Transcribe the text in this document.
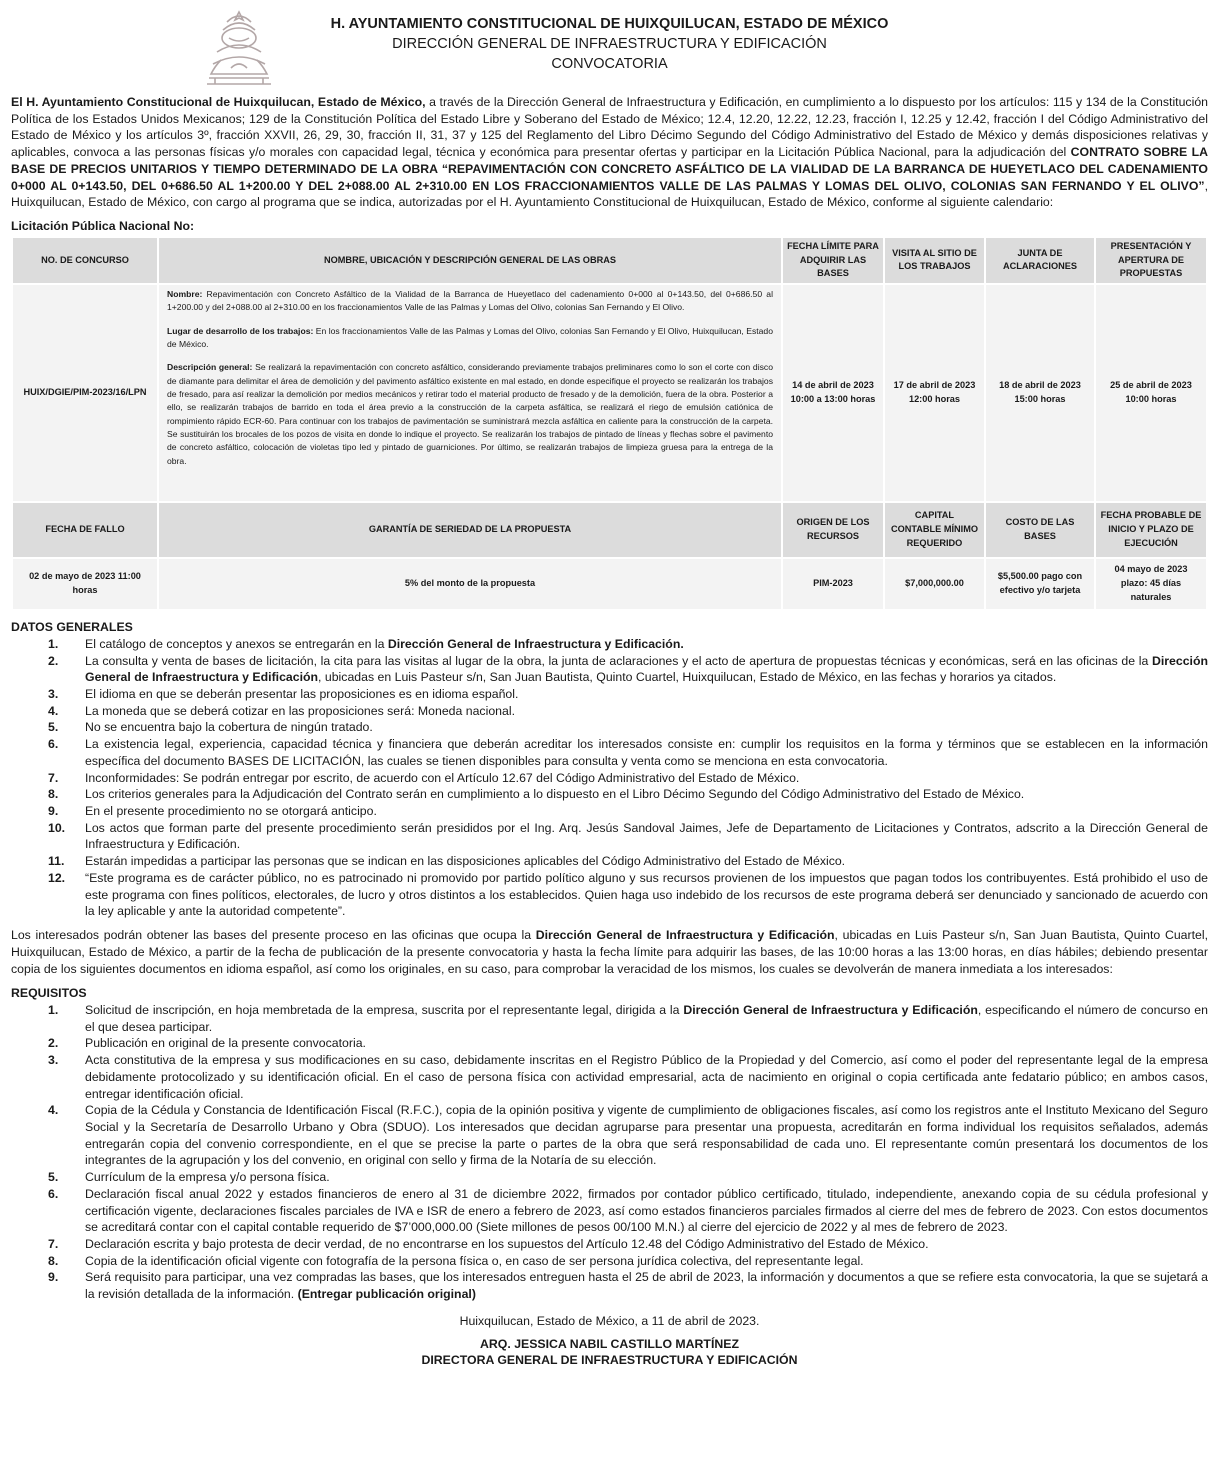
H. AYUNTAMIENTO CONSTITUCIONAL DE HUIXQUILUCAN, ESTADO DE MÉXICO
DIRECCIÓN GENERAL DE INFRAESTRUCTURA Y EDIFICACIÓN
CONVOCATORIA

El H. Ayuntamiento Constitucional de Huixquilucan, Estado de México, a través de la Dirección General de Infraestructura y Edificación, en cumplimiento a lo dispuesto por los artículos: 115 y 134 de la Constitución Política de los Estados Unidos Mexicanos; 129 de la Constitución Política del Estado Libre y Soberano del Estado de México; 12.4, 12.20, 12.22, 12.23, fracción I, 12.25 y 12.42, fracción I del Código Administrativo del Estado de México y los artículos 3º, fracción XXVII, 26, 29, 30, fracción II, 31, 37 y 125 del Reglamento del Libro Décimo Segundo del Código Administrativo del Estado de México y demás disposiciones relativas y aplicables, convoca a las personas físicas y/o morales con capacidad legal, técnica y económica para presentar ofertas y participar en la Licitación Pública Nacional, para la adjudicación del CONTRATO SOBRE LA BASE DE PRECIOS UNITARIOS Y TIEMPO DETERMINADO DE LA OBRA “REPAVIMENTACIÓN CON CONCRETO ASFÁLTICO DE LA VIALIDAD DE LA BARRANCA DE HUEYETLACO DEL CADENAMIENTO 0+000 AL 0+143.50, DEL 0+686.50 AL 1+200.00 Y DEL 2+088.00 AL 2+310.00 EN LOS FRACCIONAMIENTOS VALLE DE LAS PALMAS Y LOMAS DEL OLIVO, COLONIAS SAN FERNANDO Y EL OLIVO”, Huixquilucan, Estado de México, con cargo al programa que se indica, autorizadas por el H. Ayuntamiento Constitucional de Huixquilucan, Estado de México, conforme al siguiente calendario:

Licitación Pública Nacional No:
NO. DE CONCURSO	NOMBRE, UBICACIÓN Y DESCRIPCIÓN GENERAL DE LAS OBRAS	FECHA LÍMITE PARA ADQUIRIR LAS BASES	VISITA AL SITIO DE LOS TRABAJOS	JUNTA DE ACLARACIONES	PRESENTACIÓN Y APERTURA DE PROPUESTAS
HUIX/DGIE/PIM-2023/16/LPN	Nombre: Repavimentación con Concreto Asfáltico de la Vialidad de la Barranca de Hueyetlaco del cadenamiento 0+000 al 0+143.50, del 0+686.50 al 1+200.00 y del 2+088.00 al 2+310.00 en los fraccionamientos Valle de las Palmas y Lomas del Olivo, colonias San Fernando y El Olivo.

Lugar de desarrollo de los trabajos: En los fraccionamientos Valle de las Palmas y Lomas del Olivo, colonias San Fernando y El Olivo, Huixquilucan, Estado de México.

Descripción general: Se realizará la repavimentación con concreto asfáltico, considerando previamente trabajos preliminares como lo son el corte con disco de diamante para delimitar el área de demolición y del pavimento asfáltico existente en mal estado, en donde especifique el proyecto se realizarán los trabajos de fresado, para así realizar la demolición por medios mecánicos y retirar todo el material producto de fresado y de la demolición, fuera de la obra. Posterior a ello, se realizarán trabajos de barrido en toda el área previo a la construcción de la carpeta asfáltica, se realizará el riego de emulsión catiónica de rompimiento rápido ECR-60. Para continuar con los trabajos de pavimentación se suministrará mezcla asfáltica en caliente para la construcción de la carpeta. Se sustituirán los brocales de los pozos de visita en donde lo indique el proyecto. Se realizarán los trabajos de pintado de líneas y flechas sobre el pavimento de concreto asfáltico, colocación de violetas tipo led y pintado de guarniciones. Por último, se realizarán trabajos de limpieza gruesa para la entrega de la obra.	14 de abril de 2023 10:00 a 13:00 horas	17 de abril de 2023 12:00 horas	18 de abril de 2023 15:00 horas	25 de abril de 2023 10:00 horas
FECHA DE FALLO	GARANTÍA DE SERIEDAD DE LA PROPUESTA	ORIGEN DE LOS RECURSOS	CAPITAL CONTABLE MÍNIMO REQUERIDO	COSTO DE LAS BASES	FECHA PROBABLE DE INICIO Y PLAZO DE EJECUCIÓN
02 de mayo de 2023 11:00 horas	5% del monto de la propuesta	PIM-2023	$7,000,000.00	$5,500.00 pago con efectivo y/o tarjeta	04 mayo de 2023 plazo: 45 días naturales
DATOS GENERALES
1.	El catálogo de conceptos y anexos se entregarán en la Dirección General de Infraestructura y Edificación.
2.	La consulta y venta de bases de licitación, la cita para las visitas al lugar de la obra, la junta de aclaraciones y el acto de apertura de propuestas técnicas y económicas, será en las oficinas de la Dirección General de Infraestructura y Edificación, ubicadas en Luis Pasteur s/n, San Juan Bautista, Quinto Cuartel, Huixquilucan, Estado de México, en las fechas y horarios ya citados.
3.	El idioma en que se deberán presentar las proposiciones es en idioma español.
4.	La moneda que se deberá cotizar en las proposiciones será: Moneda nacional.
5.	No se encuentra bajo la cobertura de ningún tratado.
6.	La existencia legal, experiencia, capacidad técnica y financiera que deberán acreditar los interesados consiste en: cumplir los requisitos en la forma y términos que se establecen en la información específica del documento BASES DE LICITACIÓN, las cuales se tienen disponibles para consulta y venta como se menciona en esta convocatoria.
7.	Inconformidades: Se podrán entregar por escrito, de acuerdo con el Artículo 12.67 del Código Administrativo del Estado de México.
8.	Los criterios generales para la Adjudicación del Contrato serán en cumplimiento a lo dispuesto en el Libro Décimo Segundo del Código Administrativo del Estado de México.
9.	En el presente procedimiento no se otorgará anticipo.
10.	Los actos que forman parte del presente procedimiento serán presididos por el Ing. Arq. Jesús Sandoval Jaimes, Jefe de Departamento de Licitaciones y Contratos, adscrito a la Dirección General de Infraestructura y Edificación.
11.	Estarán impedidas a participar las personas que se indican en las disposiciones aplicables del Código Administrativo del Estado de México.
12.	“Este programa es de carácter público, no es patrocinado ni promovido por partido político alguno y sus recursos provienen de los impuestos que pagan todos los contribuyentes. Está prohibido el uso de este programa con fines políticos, electorales, de lucro y otros distintos a los establecidos. Quien haga uso indebido de los recursos de este programa deberá ser denunciado y sancionado de acuerdo con la ley aplicable y ante la autoridad competente”.

Los interesados podrán obtener las bases del presente proceso en las oficinas que ocupa la Dirección General de Infraestructura y Edificación, ubicadas en Luis Pasteur s/n, San Juan Bautista, Quinto Cuartel, Huixquilucan, Estado de México, a partir de la fecha de publicación de la presente convocatoria y hasta la fecha límite para adquirir las bases, de las 10:00 horas a las 13:00 horas, en días hábiles; debiendo presentar copia de los siguientes documentos en idioma español, así como los originales, en su caso, para comprobar la veracidad de los mismos, los cuales se devolverán de manera inmediata a los interesados:

REQUISITOS
1.	Solicitud de inscripción, en hoja membretada de la empresa, suscrita por el representante legal, dirigida a la Dirección General de Infraestructura y Edificación, especificando el número de concurso en el que desea participar.
2.	Publicación en original de la presente convocatoria.
3.	Acta constitutiva de la empresa y sus modificaciones en su caso, debidamente inscritas en el Registro Público de la Propiedad y del Comercio, así como el poder del representante legal de la empresa debidamente protocolizado y su identificación oficial. En el caso de persona física con actividad empresarial, acta de nacimiento en original o copia certificada ante fedatario público; en ambos casos, entregar identificación oficial.
4.	Copia de la Cédula y Constancia de Identificación Fiscal (R.F.C.), copia de la opinión positiva y vigente de cumplimiento de obligaciones fiscales, así como los registros ante el Instituto Mexicano del Seguro Social y la Secretaría de Desarrollo Urbano y Obra (SDUO). Los interesados que decidan agruparse para presentar una propuesta, acreditarán en forma individual los requisitos señalados, además entregarán copia del convenio correspondiente, en el que se precise la parte o partes de la obra que será responsabilidad de cada uno. El representante común presentará los documentos de los integrantes de la agrupación y los del convenio, en original con sello y firma de la Notaría de su elección.
5.	Currículum de la empresa y/o persona física.
6.	Declaración fiscal anual 2022 y estados financieros de enero al 31 de diciembre 2022, firmados por contador público certificado, titulado, independiente, anexando copia de su cédula profesional y certificación vigente, declaraciones fiscales parciales de IVA e ISR de enero a febrero de 2023, así como estados financieros parciales firmados al cierre del mes de febrero de 2023. Con estos documentos se acreditará contar con el capital contable requerido de $7’000,000.00 (Siete millones de pesos 00/100 M.N.) al cierre del ejercicio de 2022 y al mes de febrero de 2023.
7.	Declaración escrita y bajo protesta de decir verdad, de no encontrarse en los supuestos del Artículo 12.48 del Código Administrativo del Estado de México.
8.	Copia de la identificación oficial vigente con fotografía de la persona física o, en caso de ser persona jurídica colectiva, del representante legal.
9.	Será requisito para participar, una vez compradas las bases, que los interesados entreguen hasta el 25 de abril de 2023, la información y documentos a que se refiere esta convocatoria, la que se sujetará a la revisión detallada de la información. (Entregar publicación original)
Huixquilucan, Estado de México, a 11 de abril de 2023.
ARQ. JESSICA NABIL CASTILLO MARTÍNEZ
DIRECTORA GENERAL DE INFRAESTRUCTURA Y EDIFICACIÓN
